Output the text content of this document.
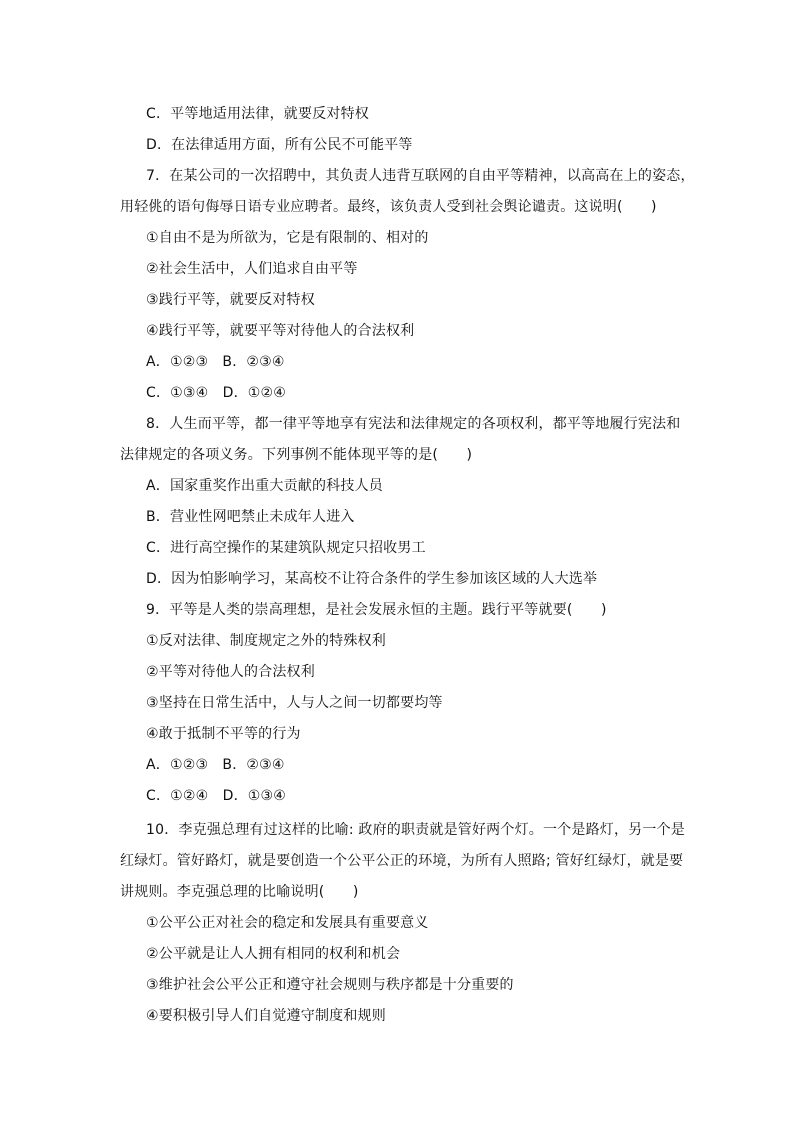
C．平等地适用法律，就要反对特权
D．在法律适用方面，所有公民不可能平等
7．在某公司的一次招聘中，其负责人违背互联网的自由平等精神，以高高在上的姿态，
用轻佻的语句侮辱日语专业应聘者。最终，该负责人受到社会舆论谴责。这说明(　　)
①自由不是为所欲为，它是有限制的、相对的
②社会生活中，人们追求自由平等
③践行平等，就要反对特权
④践行平等，就要平等对待他人的合法权利
A．①②③　B．②③④
C．①③④　D．①②④
8．人生而平等，都一律平等地享有宪法和法律规定的各项权利，都平等地履行宪法和
法律规定的各项义务。下列事例不能体现平等的是(　　)
A．国家重奖作出重大贡献的科技人员
B．营业性网吧禁止未成年人进入
C．进行高空操作的某建筑队规定只招收男工
D．因为怕影响学习，某高校不让符合条件的学生参加该区域的人大选举
9．平等是人类的崇高理想，是社会发展永恒的主题。践行平等就要(　　)
①反对法律、制度规定之外的特殊权利
②平等对待他人的合法权利
③坚持在日常生活中，人与人之间一切都要均等
④敢于抵制不平等的行为
A．①②③　B．②③④
C．①②④　D．①③④
10．李克强总理有过这样的比喻: 政府的职责就是管好两个灯。一个是路灯，另一个是
红绿灯。管好路灯，就是要创造一个公平公正的环境，为所有人照路; 管好红绿灯，就是要
讲规则。李克强总理的比喻说明(　　)
①公平公正对社会的稳定和发展具有重要意义
②公平就是让人人拥有相同的权利和机会
③维护社会公平公正和遵守社会规则与秩序都是十分重要的
④要积极引导人们自觉遵守制度和规则
